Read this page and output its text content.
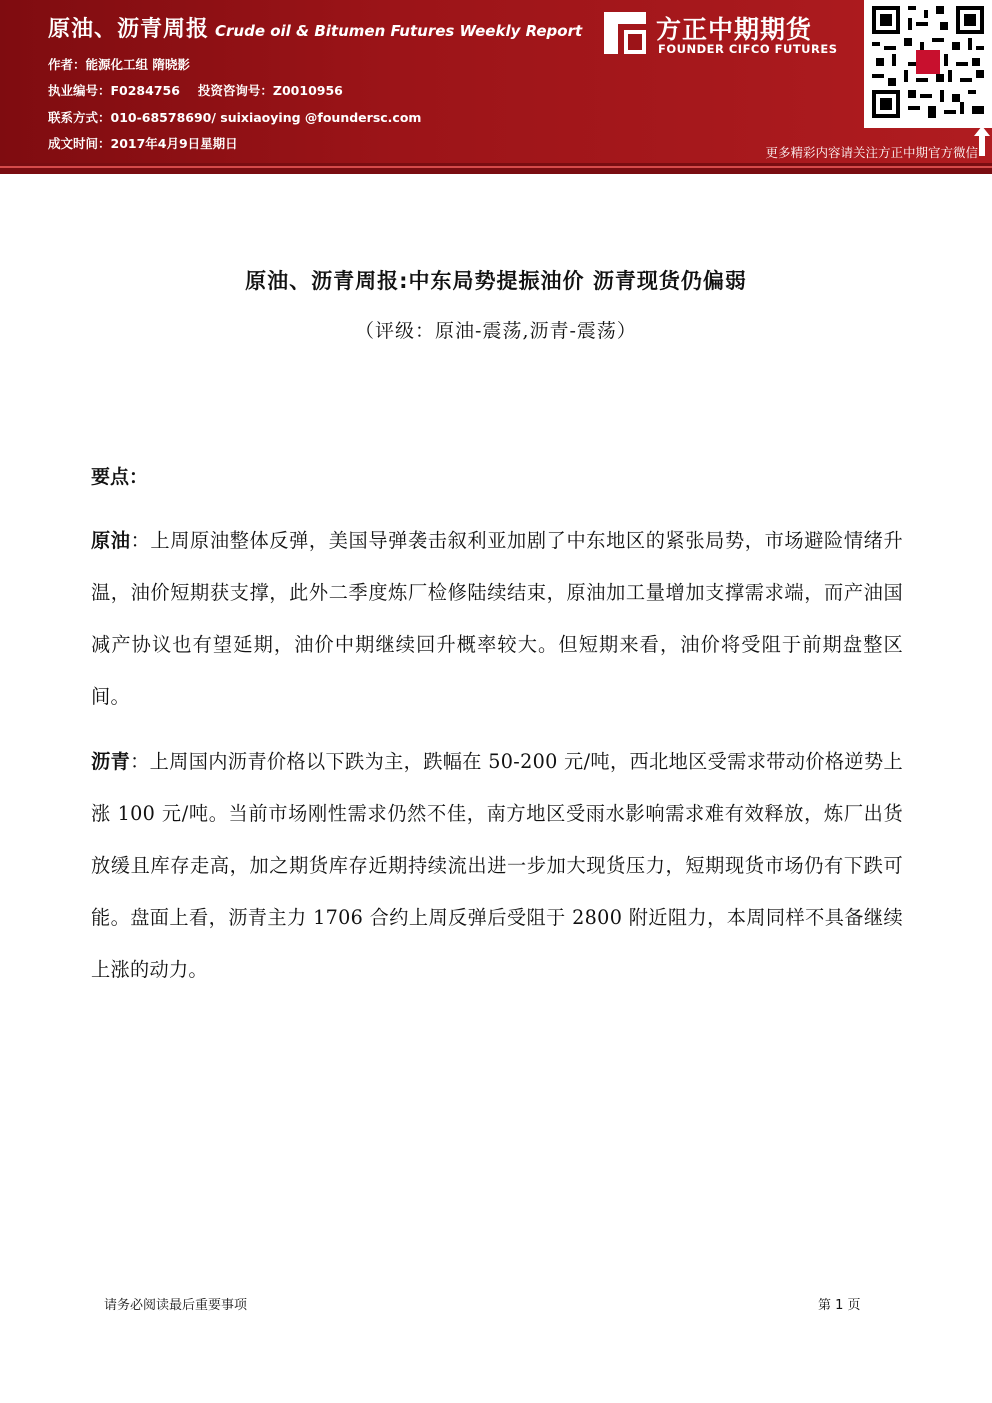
原油、沥青周报 Crude oil & Bitumen Futures Weekly Report
作者：能源化工组 隋晓影
执业编号：F0284756 投资咨询号：Z0010956
联系方式：010-68578690/ suixiaoying @foundersc.com
成文时间：2017年4月9日星期日
方正中期期货
FOUNDER CIFCO FUTURES
更多精彩内容请关注方正中期官方微信
原油、沥青周报:中东局势提振油价 沥青现货仍偏弱
（评级：原油-震荡,沥青-震荡）
要点：
原油：上周原油整体反弹，美国导弹袭击叙利亚加剧了中东地区的紧张局势，市场避险情绪升温，油价短期获支撑，此外二季度炼厂检修陆续结束，原油加工量增加支撑需求端，而产油国减产协议也有望延期，油价中期继续回升概率较大。但短期来看，油价将受阻于前期盘整区间。
沥青：上周国内沥青价格以下跌为主，跌幅在 50-200 元/吨，西北地区受需求带动价格逆势上涨 100 元/吨。当前市场刚性需求仍然不佳，南方地区受雨水影响需求难有效释放，炼厂出货放缓且库存走高，加之期货库存近期持续流出进一步加大现货压力，短期现货市场仍有下跌可能。盘面上看，沥青主力 1706 合约上周反弹后受阻于 2800 附近阻力，本周同样不具备继续上涨的动力。
请务必阅读最后重要事项	第 1 页
